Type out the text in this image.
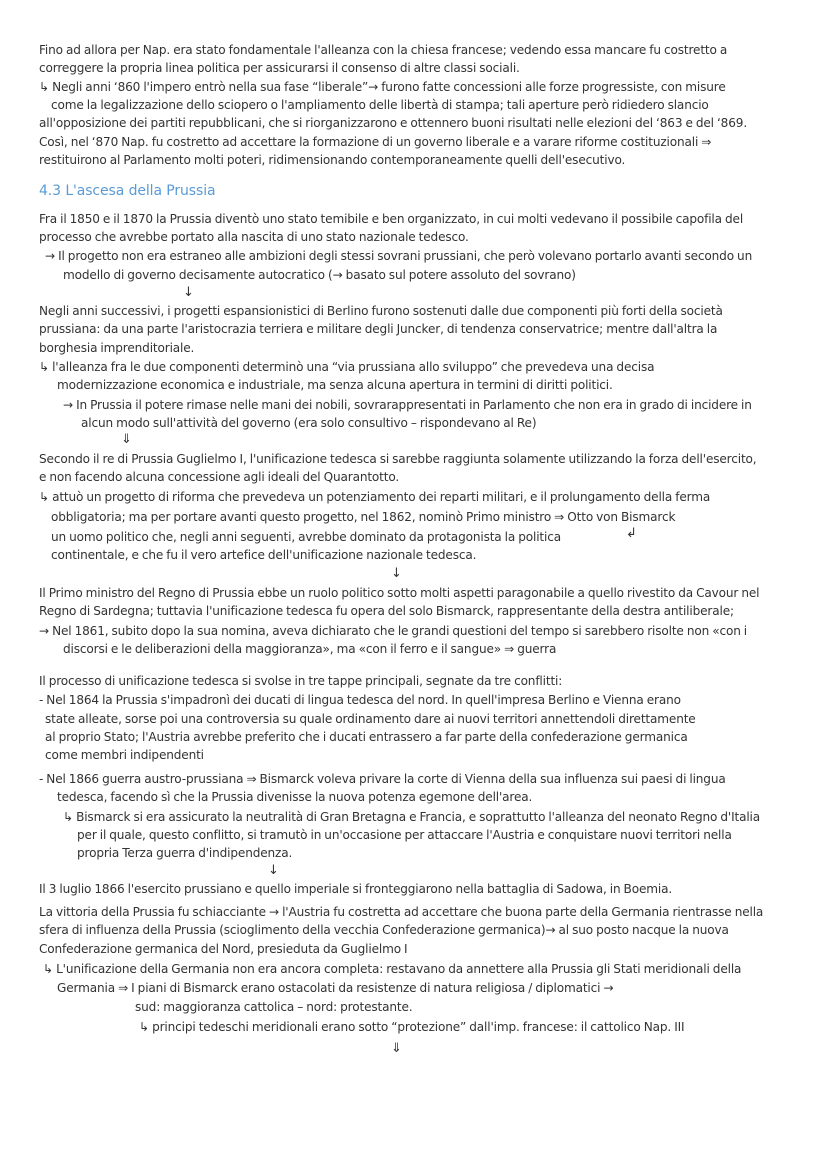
Fino ad allora per Nap. era stato fondamentale l'alleanza con la chiesa francese; vedendo essa mancare fu costretto a
correggere la propria linea politica per assicurarsi il consenso di altre classi sociali.
↳ Negli anni ‘860 l'impero entrò nella sua fase “liberale”→ furono fatte concessioni alle forze progressiste, con misure
come la legalizzazione dello sciopero o l'ampliamento delle libertà di stampa; tali aperture però ridiedero slancio
all'opposizione dei partiti repubblicani, che si riorganizzarono e ottennero buoni risultati nelle elezioni del ‘863 e del ‘869.
Così, nel ‘870 Nap. fu costretto ad accettare la formazione di un governo liberale e a varare riforme costituzionali ⇒
restituirono al Parlamento molti poteri, ridimensionando contemporaneamente quelli dell'esecutivo.
4.3 L'ascesa della Prussia
Fra il 1850 e il 1870 la Prussia diventò uno stato temibile e ben organizzato, in cui molti vedevano il possibile capofila del
processo che avrebbe portato alla nascita di uno stato nazionale tedesco.
→ Il progetto non era estraneo alle ambizioni degli stessi sovrani prussiani, che però volevano portarlo avanti secondo un
modello di governo decisamente autocratico (→ basato sul potere assoluto del sovrano)
↓
Negli anni successivi, i progetti espansionistici di Berlino furono sostenuti dalle due componenti più forti della società
prussiana: da una parte l'aristocrazia terriera e militare degli Juncker, di tendenza conservatrice; mentre dall'altra la
borghesia imprenditoriale.
↳ l'alleanza fra le due componenti determinò una “via prussiana allo sviluppo” che prevedeva una decisa
modernizzazione economica e industriale, ma senza alcuna apertura in termini di diritti politici.
→ In Prussia il potere rimase nelle mani dei nobili, sovrarappresentati in Parlamento che non era in grado di incidere in
alcun modo sull'attività del governo (era solo consultivo – rispondevano al Re)
⇓
Secondo il re di Prussia Guglielmo I, l'unificazione tedesca si sarebbe raggiunta solamente utilizzando la forza dell'esercito,
e non facendo alcuna concessione agli ideali del Quarantotto.
↳ attuò un progetto di riforma che prevedeva un potenziamento dei reparti militari, e il prolungamento della ferma
obbligatoria; ma per portare avanti questo progetto, nel 1862, nominò Primo ministro ⇒ Otto von Bismarck
un uomo politico che, negli anni seguenti, avrebbe dominato da protagonista la politica	↲
continentale, e che fu il vero artefice dell'unificazione nazionale tedesca.
↓
Il Primo ministro del Regno di Prussia ebbe un ruolo politico sotto molti aspetti paragonabile a quello rivestito da Cavour nel
Regno di Sardegna; tuttavia l'unificazione tedesca fu opera del solo Bismarck, rappresentante della destra antiliberale;
→ Nel 1861, subito dopo la sua nomina, aveva dichiarato che le grandi questioni del tempo si sarebbero risolte non «con i
discorsi e le deliberazioni della maggioranza», ma «con il ferro e il sangue» ⇒ guerra
Il processo di unificazione tedesca si svolse in tre tappe principali, segnate da tre conflitti:
- Nel 1864 la Prussia s'impadronì dei ducati di lingua tedesca del nord. In quell'impresa Berlino e Vienna erano
state alleate, sorse poi una controversia su quale ordinamento dare ai nuovi territori annettendoli direttamente
al proprio Stato; l'Austria avrebbe preferito che i ducati entrassero a far parte della confederazione germanica
come membri indipendenti
- Nel 1866 guerra austro-prussiana ⇒ Bismarck voleva privare la corte di Vienna della sua influenza sui paesi di lingua
tedesca, facendo sì che la Prussia divenisse la nuova potenza egemone dell'area.
↳ Bismarck si era assicurato la neutralità di Gran Bretagna e Francia, e soprattutto l'alleanza del neonato Regno d'Italia
per il quale, questo conflitto, si tramutò in un'occasione per attaccare l'Austria e conquistare nuovi territori nella
propria Terza guerra d'indipendenza.
↓
Il 3 luglio 1866 l'esercito prussiano e quello imperiale si fronteggiarono nella battaglia di Sadowa, in Boemia.
La vittoria della Prussia fu schiacciante → l'Austria fu costretta ad accettare che buona parte della Germania rientrasse nella
sfera di influenza della Prussia (scioglimento della vecchia Confederazione germanica)→ al suo posto nacque la nuova
Confederazione germanica del Nord, presieduta da Guglielmo I
↳ L'unificazione della Germania non era ancora completa: restavano da annettere alla Prussia gli Stati meridionali della
Germania ⇒ I piani di Bismarck erano ostacolati da resistenze di natura religiosa / diplomatici →
sud: maggioranza cattolica – nord: protestante.
↳ principi tedeschi meridionali erano sotto “protezione” dall'imp. francese: il cattolico Nap. III
⇓
